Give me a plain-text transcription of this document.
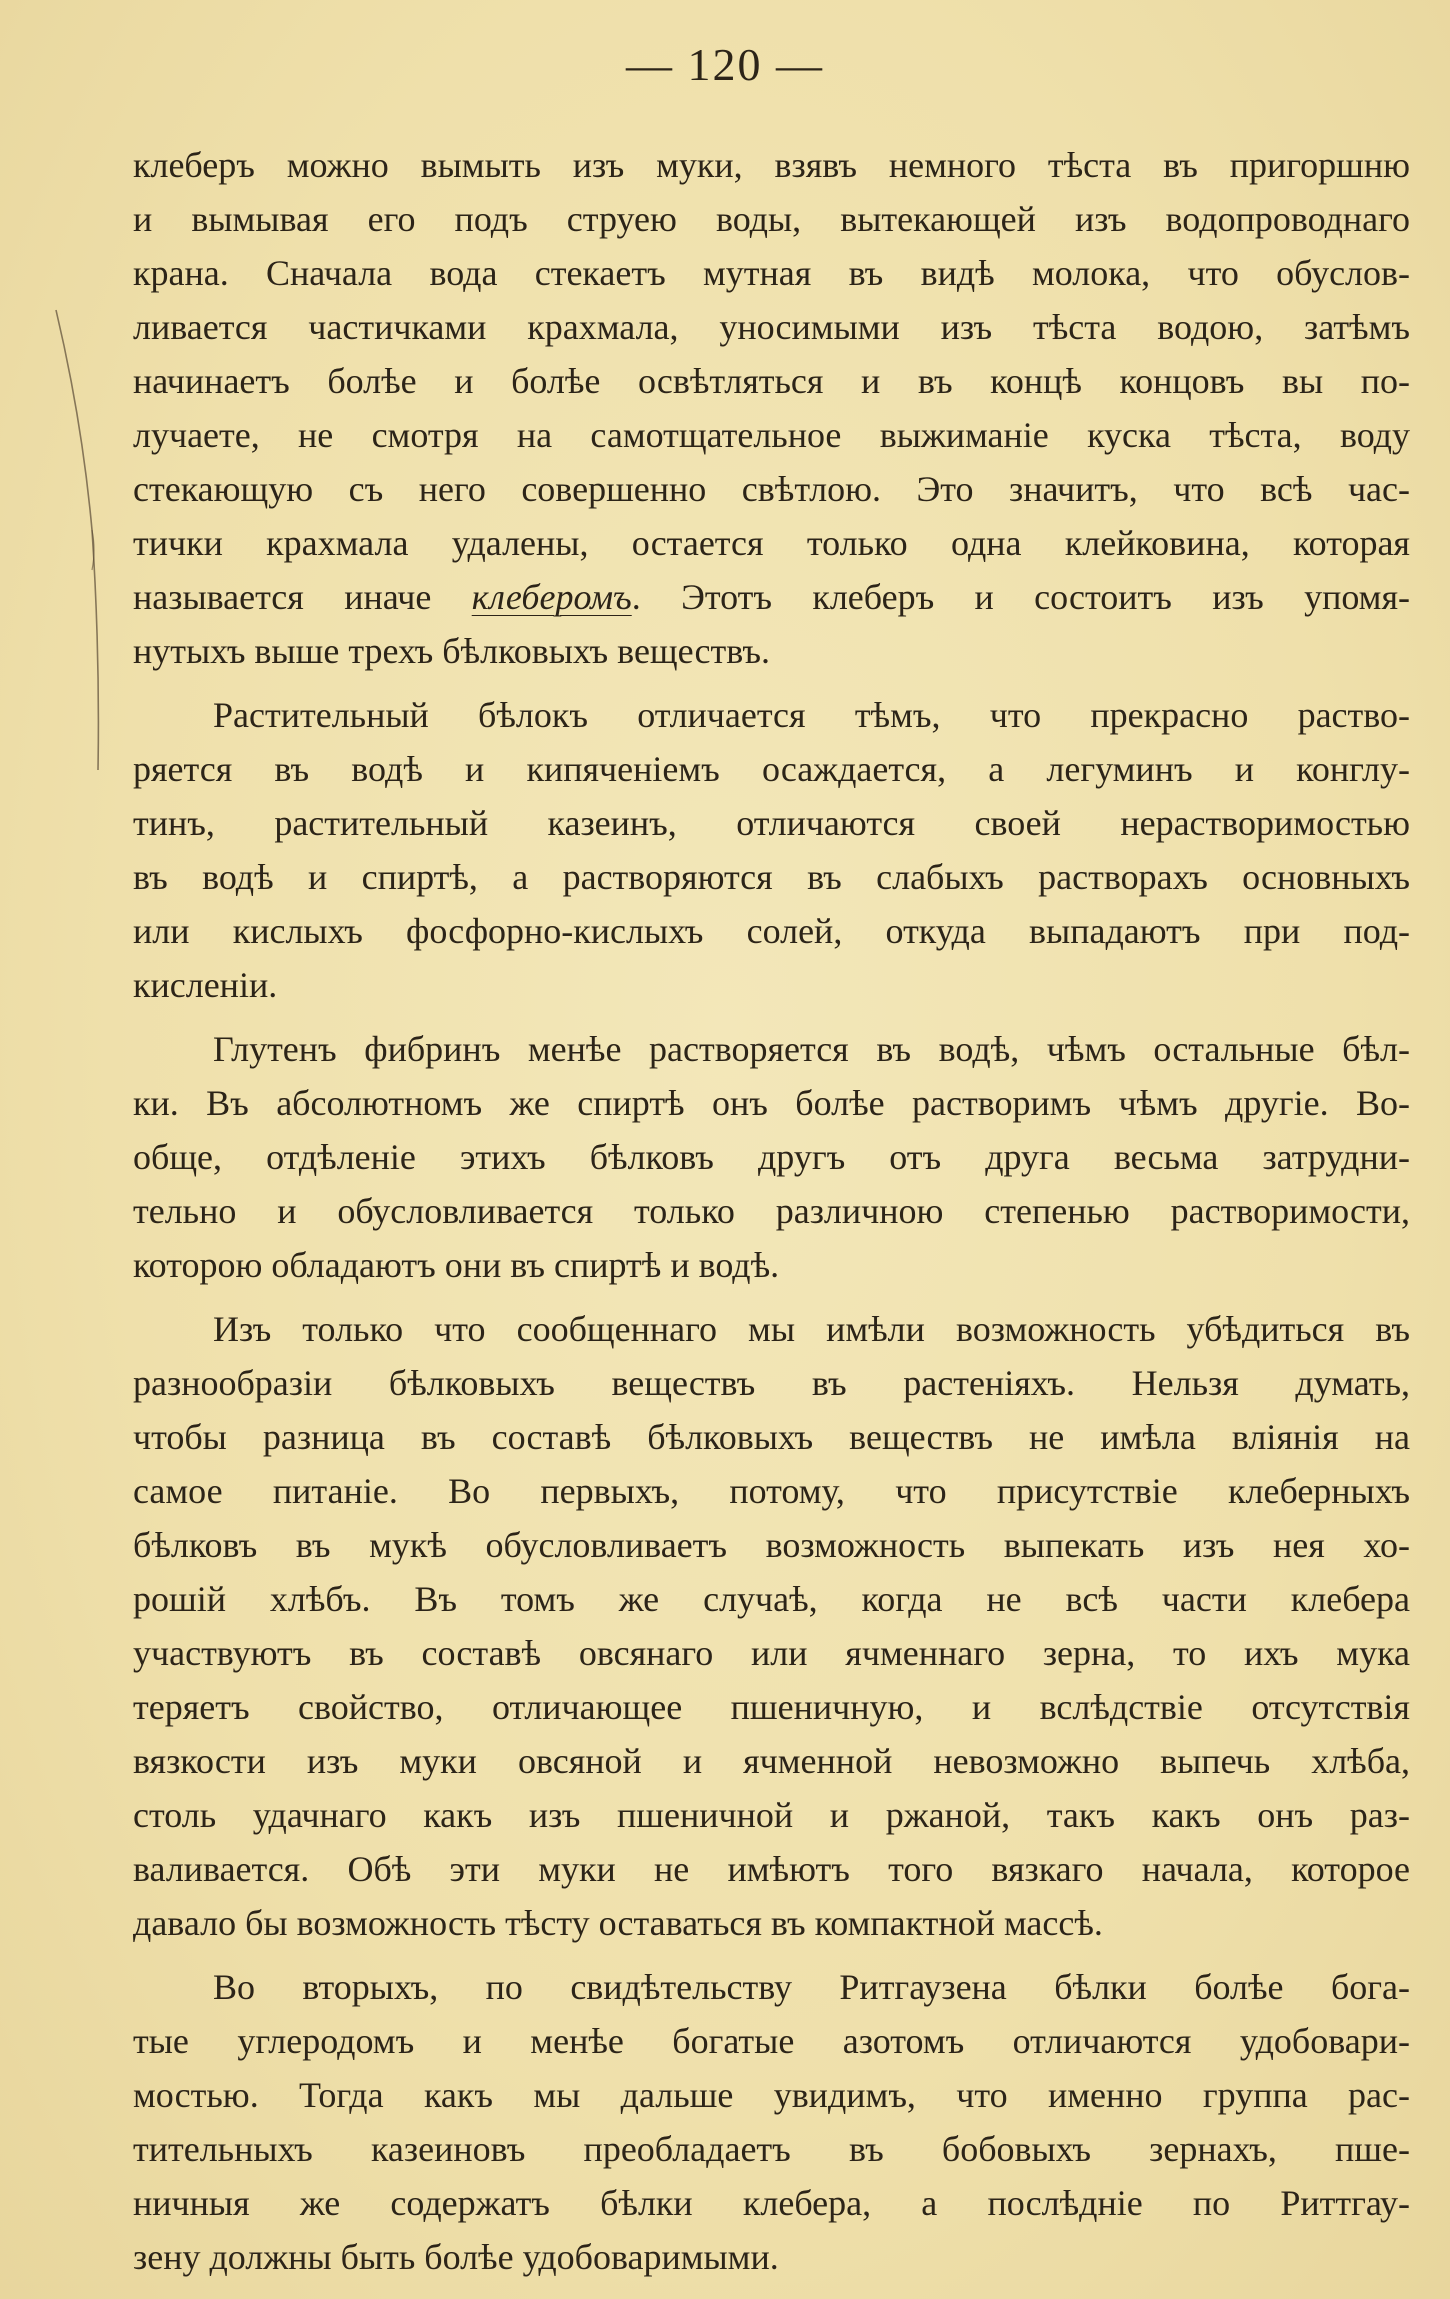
— 120 —
клеберъ можно вымыть изъ муки, взявъ немного тѣста въ пригоршню
и вымывая его подъ струею воды, вытекающей изъ водопроводнаго
крана. Сначала вода стекаетъ мутная въ видѣ молока, что обуслов-
ливается частичками крахмала, уносимыми изъ тѣста водою, затѣмъ
начинаетъ болѣе и болѣе освѣтляться и въ концѣ концовъ вы по-
лучаете, не смотря на самотщательное выжиманіе куска тѣста, воду
стекающую съ него совершенно свѣтлою. Это значитъ, что всѣ час-
тички крахмала удалены, остается только одна клейковина, которая
называется иначе клеберомъ. Этотъ клеберъ и состоитъ изъ упомя-
нутыхъ выше трехъ бѣлковыхъ веществъ.
Растительный бѣлокъ отличается тѣмъ, что прекрасно раство-
ряется въ водѣ и кипяченіемъ осаждается, а легуминъ и конглу-
тинъ, растительный казеинъ, отличаются своей нерастворимостью
въ водѣ и спиртѣ, а растворяются въ слабыхъ растворахъ основныхъ
или кислыхъ фосфорно-кислыхъ солей, откуда выпадаютъ при под-
кисленіи.
Глутенъ фибринъ менѣе растворяется въ водѣ, чѣмъ остальные бѣл-
ки. Въ абсолютномъ же спиртѣ онъ болѣе растворимъ чѣмъ другіе. Во-
обще, отдѣленіе этихъ бѣлковъ другъ отъ друга весьма затрудни-
тельно и обусловливается только различною степенью растворимости,
которою обладаютъ они въ спиртѣ и водѣ.
Изъ только что сообщеннаго мы имѣли возможность убѣдиться въ
разнообразіи бѣлковыхъ веществъ въ растеніяхъ. Нельзя думать,
чтобы разница въ составѣ бѣлковыхъ веществъ не имѣла вліянія на
самое питаніе. Во первыхъ, потому, что присутствіе клеберныхъ
бѣлковъ въ мукѣ обусловливаетъ возможность выпекать изъ нея хо-
рошій хлѣбъ. Въ томъ же случаѣ, когда не всѣ части клебера
участвуютъ въ составѣ овсянаго или ячменнаго зерна, то ихъ мука
теряетъ свойство, отличающее пшеничную, и вслѣдствіе отсутствія
вязкости изъ муки овсяной и ячменной невозможно выпечь хлѣба,
столь удачнаго какъ изъ пшеничной и ржаной, такъ какъ онъ раз-
валивается. Обѣ эти муки не имѣютъ того вязкаго начала, которое
давало бы возможность тѣсту оставаться въ компактной массѣ.
Во вторыхъ, по свидѣтельству Ритгаузена бѣлки болѣе бога-
тые углеродомъ и менѣе богатые азотомъ отличаются удобовари-
мостью. Тогда какъ мы дальше увидимъ, что именно группа рас-
тительныхъ казеиновъ преобладаетъ въ бобовыхъ зернахъ, пше-
ничныя же содержатъ бѣлки клебера, а послѣдніе по Риттгау-
зену должны быть болѣе удобоваримыми.
